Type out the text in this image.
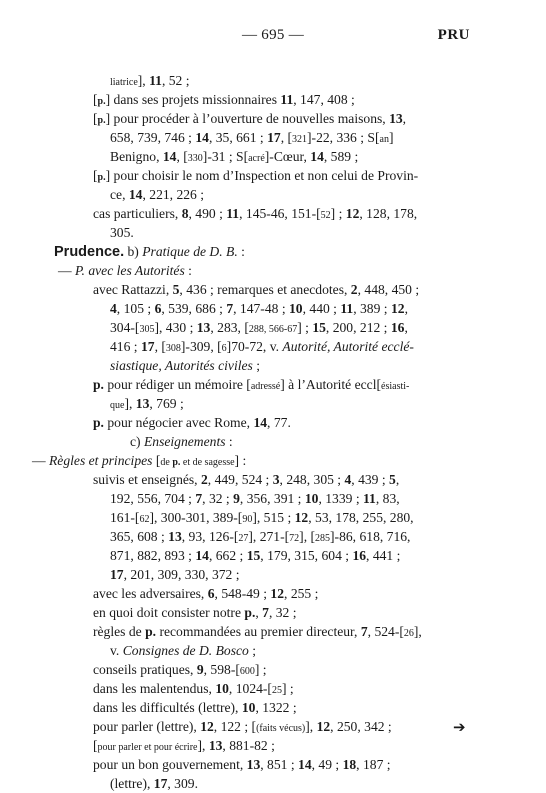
— 695 —	PRU
liatrice], 11, 52 ;
[p.] dans ses projets missionnaires 11, 147, 408 ;
[p.] pour procéder à l’ouverture de nouvelles maisons, 13,
658, 739, 746 ; 14, 35, 661 ; 17, [321]-22, 336 ; S[an]
Benigno, 14, [330]-31 ; S[acré]-Cœur, 14, 589 ;
[p.] pour choisir le nom d’Inspection et non celui de Provin-
ce, 14, 221, 226 ;
cas particuliers, 8, 490 ; 11, 145-46, 151-[52] ; 12, 128, 178,
305.
Prudence. b) Pratique de D. B. :
— P. avec les Autorités :
avec Rattazzi, 5, 436 ; remarques et anecdotes, 2, 448, 450 ;
4, 105 ; 6, 539, 686 ; 7, 147-48 ; 10, 440 ; 11, 389 ; 12,
304-[305], 430 ; 13, 283, [288, 566-67] ; 15, 200, 212 ; 16,
416 ; 17, [308]-309, [6]70-72, v. Autorité, Autorité ecclé-
siastique, Autorités civiles ;
p. pour rédiger un mémoire [adressé] à l’Autorité eccl[ésiasti-
que], 13, 769 ;
p. pour négocier avec Rome, 14, 77.
c) Enseignements :
— Règles et principes [de p. et de sagesse] :
suivis et enseignés, 2, 449, 524 ; 3, 248, 305 ; 4, 439 ; 5,
192, 556, 704 ; 7, 32 ; 9, 356, 391 ; 10, 1339 ; 11, 83,
161-[62], 300-301, 389-[90], 515 ; 12, 53, 178, 255, 280,
365, 608 ; 13, 93, 126-[27], 271-[72], [285]-86, 618, 716,
871, 882, 893 ; 14, 662 ; 15, 179, 315, 604 ; 16, 441 ;
17, 201, 309, 330, 372 ;
avec les adversaires, 6, 548-49 ; 12, 255 ;
en quoi doit consister notre p., 7, 32 ;
règles de p. recommandées au premier directeur, 7, 524-[26],
v. Consignes de D. Bosco ;
conseils pratiques, 9, 598-[600] ;
dans les malentendus, 10, 1024-[25] ;
dans les difficultés (lettre), 10, 1322 ;
pour parler (lettre), 12, 122 ; [(faits vécus)], 12, 250, 342 ;
[pour parler et pour écrire], 13, 881-82 ;
pour un bon gouvernement, 13, 851 ; 14, 49 ; 18, 187 ;
(lettre), 17, 309.
➔
